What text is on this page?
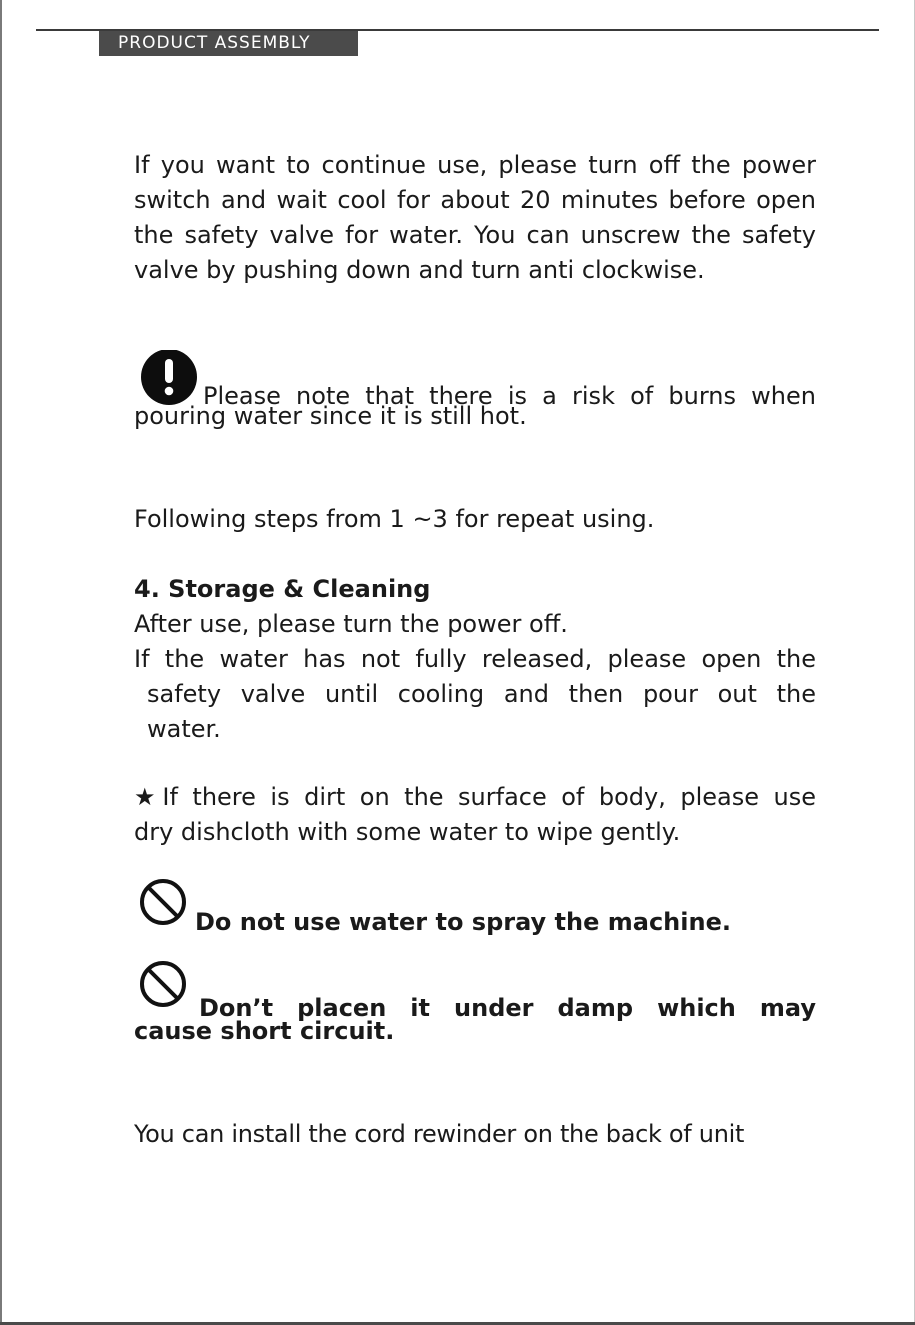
PRODUCT ASSEMBLY

If you want to continue use, please turn off the power switch and wait cool for about 20 minutes before open the safety valve for water. You can unscrew the safety valve by pushing down and turn anti clockwise.

Please note that there is a risk of burns when

pouring water since it is still hot.

Following steps from 1 ~3 for repeat using.

4. Storage & Cleaning

After use, please turn the power off.

If the water has not fully released, please open the

safety valve until cooling and then pour out the

water.

★If there is dirt on the surface of body, please use

dry dishcloth with some water to wipe gently.

Do not use water to spray the machine.

Don’t placen it under damp which may

cause short circuit.

You can install the cord rewinder on the back of unit
